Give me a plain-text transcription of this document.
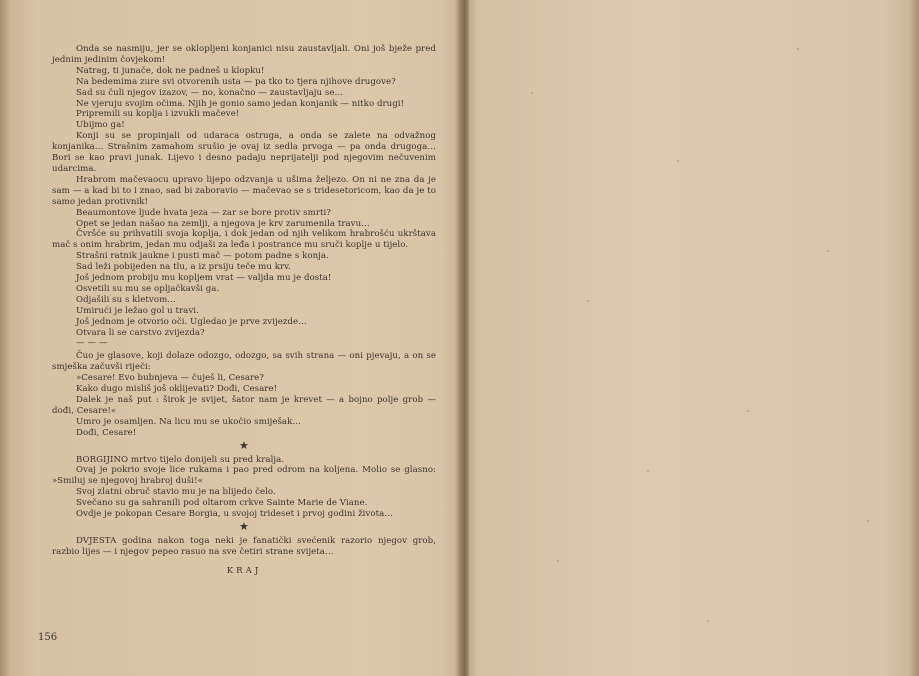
Onda se nasmiju, jer se oklopljeni konjanici nisu zaustavljali. Oni još bježe pred jednim jedinim čovjekom!

Natrag, ti junače, dok ne padneš u klopku!

Na bedemima zure svi otvorenih usta — pa tko to tjera njihove drugove?

Sad su čuli njegov izazov, — no, konačno — zaustavljaju se…

Ne vjeruju svojim očima. Njih je gonio samo jedan konjanik — nitko drugi!

Pripremili su koplja i izvukli mačeve!

Ubijmo ga!

Konji su se propinjali od udaraca ostruga, a onda se zalete na odvažnog konjanika… Strašnim zamahom srušio je ovaj iz sedla prvoga — pa onda drugoga… Bori se kao pravi junak. Lijevo i desno padaju neprijatelji pod njegovim nečuvenim udarcima.

Hrabrom mačevaocu upravo lijepo odzvanja u ušima željezo. On ni ne zna da je sam — a kad bi to i znao, sad bi zaboravio — mačevao se s tridesetoricom, kao da je to samo jedan protivnik!

Beaumontove ljude hvata jeza — zar se bore protiv smrti?

Opet se jedan našao na zemlji, a njegova je krv zarumenila travu…

Čvršće su prihvatili svoja koplja, i dok jedan od njih velikom hrabrošću ukrštava mač s onim hrabrim, jedan mu odjaši za leđa i postrance mu sruči koplje u tijelo.

Strašni ratnik jaukne i pusti mač — potom padne s konja.

Sad leži pobijeden na tlu, a iz prsiju teče mu krv.

Još jednom probiju mu kopljem vrat — valjda mu je dosta!

Osvetili su mu se opljačkavši ga.

Odjašili su s kletvom…

Umirući je ležao gol u travi.

Još jednom je otvorio oči. Ugledao je prve zvijezde…

Otvara li se carstvo zvijezda?

— — —

Čuo je glasove, koji dolaze odozgo, odozgo, sa svih strana — oni pjevaju, a on se smješka začuvši riječi:

»Cesare! Evo bubnjeva — čuješ li, Cesare?

Kako dugo misliš još oklijevati? Dođi, Cesare!

Dalek je naš put : širok je svijet, šator nam je krevet — a bojno polje grob — dođi, Cesare!«

Umro je osamljen. Na licu mu se ukočio smiješak…

Dođi, Cesare!

★

BORGIJINO mrtvo tijelo donijeli su pred kralja.

Ovaj je pokrio svoje lice rukama i pao pred odrom na koljena. Molio se glasno: »Smiluj se njegovoj hrabroj duši!«

Svoj zlatni obruč stavio mu je na blijedo čelo.

Svečano su ga sahranili pod oltarom crkve Sainte Marie de Viane.

Ovdje je pokopan Cesare Borgia, u svojoj trideset i prvoj godini života…

★

DVJESTA godina nakon toga neki je fanatički svećenik razorio njegov grob, razbio lijes — i njegov pepeo rasuo na sve četiri strane svijeta…

KRAJ
156
